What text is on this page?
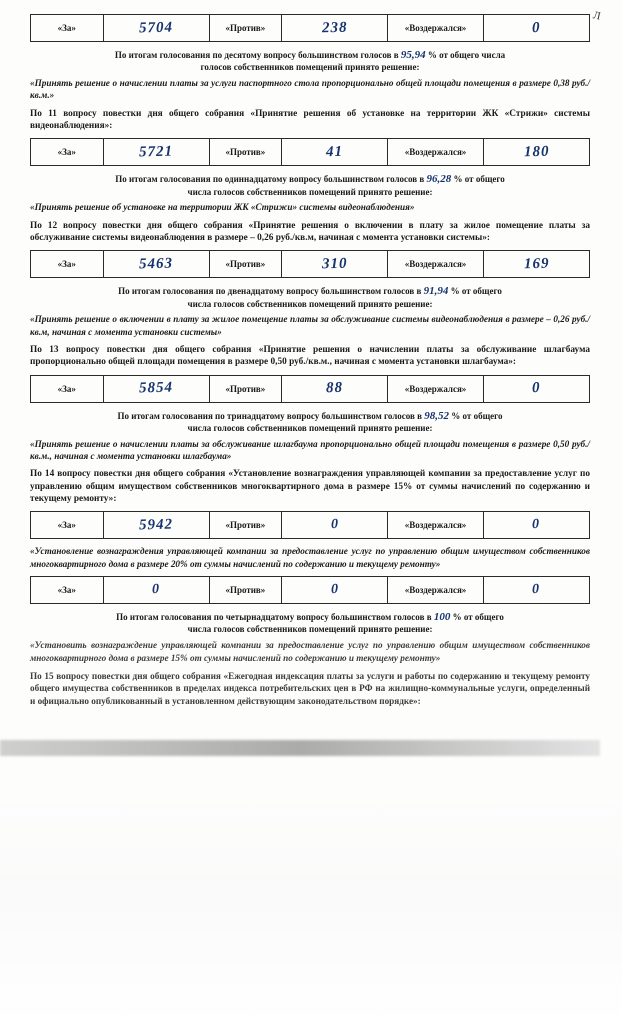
Л
«За»	5704	«Против»	238	«Воздержался»	0
По итогам голосования по десятому вопросу большинством голосов в 95,94 % от общего числа
голосов собственников помещений принято решение:
«Принять решение о начислении платы за услуги паспортного стола пропорционально общей площади помещения в размере 0,38 руб./кв.м.»
По 11 вопросу повестки дня общего собрания «Принятие решения об установке на территории ЖК «Стрижи» системы видеонаблюдения»:
«За»	5721	«Против»	41	«Воздержался»	180
По итогам голосования по одиннадцатому вопросу большинством голосов в 96,28 % от общего
числа голосов собственников помещений принято решение:
«Принять решение об установке на территории ЖК «Стрижи» системы видеонаблюдения»
По 12 вопросу повестки дня общего собрания «Принятие решения о включении в плату за жилое помещение платы за обслуживание системы видеонаблюдения в размере – 0,26 руб./кв.м, начиная с момента установки системы»:
«За»	5463	«Против»	310	«Воздержался»	169
По итогам голосования по двенадцатому вопросу большинством голосов в 91,94 % от общего
числа голосов собственников помещений принято решение:
«Принять решение о включении в плату за жилое помещение платы за обслуживание системы видеонаблюдения в размере – 0,26 руб./кв.м, начиная с момента установки системы»
По 13 вопросу повестки дня общего собрания «Принятие решения о начислении платы за обслуживание шлагбаума пропорционально общей площади помещения в размере 0,50 руб./кв.м., начиная с момента установки шлагбаума»:
«За»	5854	«Против»	88	«Воздержался»	0
По итогам голосования по тринадцатому вопросу большинством голосов в 98,52 % от общего
числа голосов собственников помещений принято решение:
«Принять решение о начислении платы за обслуживание шлагбаума пропорционально общей площади помещения в размере 0,50 руб./кв.м., начиная с момента установки шлагбаума»
По 14 вопросу повестки дня общего собрания «Установление вознаграждения управляющей компании за предоставление услуг по управлению общим имуществом собственников многоквартирного дома в размере 15% от суммы начислений по содержанию и текущему ремонту»:
«За»	5942	«Против»	0	«Воздержался»	0
«Установление вознаграждения управляющей компании за предоставление услуг по управлению общим имуществом собственников многоквартирного дома в размере 20% от суммы начислений по содержанию и текущему ремонту»
«За»	0	«Против»	0	«Воздержался»	0
По итогам голосования по четырнадцатому вопросу большинством голосов в 100 % от общего
числа голосов собственников помещений принято решение:
«Установить вознаграждение управляющей компании за предоставление услуг по управлению общим имуществом собственников многоквартирного дома в размере 15% от суммы начислений по содержанию и текущему ремонту»
По 15 вопросу повестки дня общего собрания «Ежегодная индексация платы за услуги и работы по содержанию и текущему ремонту общего имущества собственников в пределах индекса потребительских цен в РФ на жилищно-коммунальные услуги, определенный и официально опубликованный в установленном действующим законодательством порядке»:
